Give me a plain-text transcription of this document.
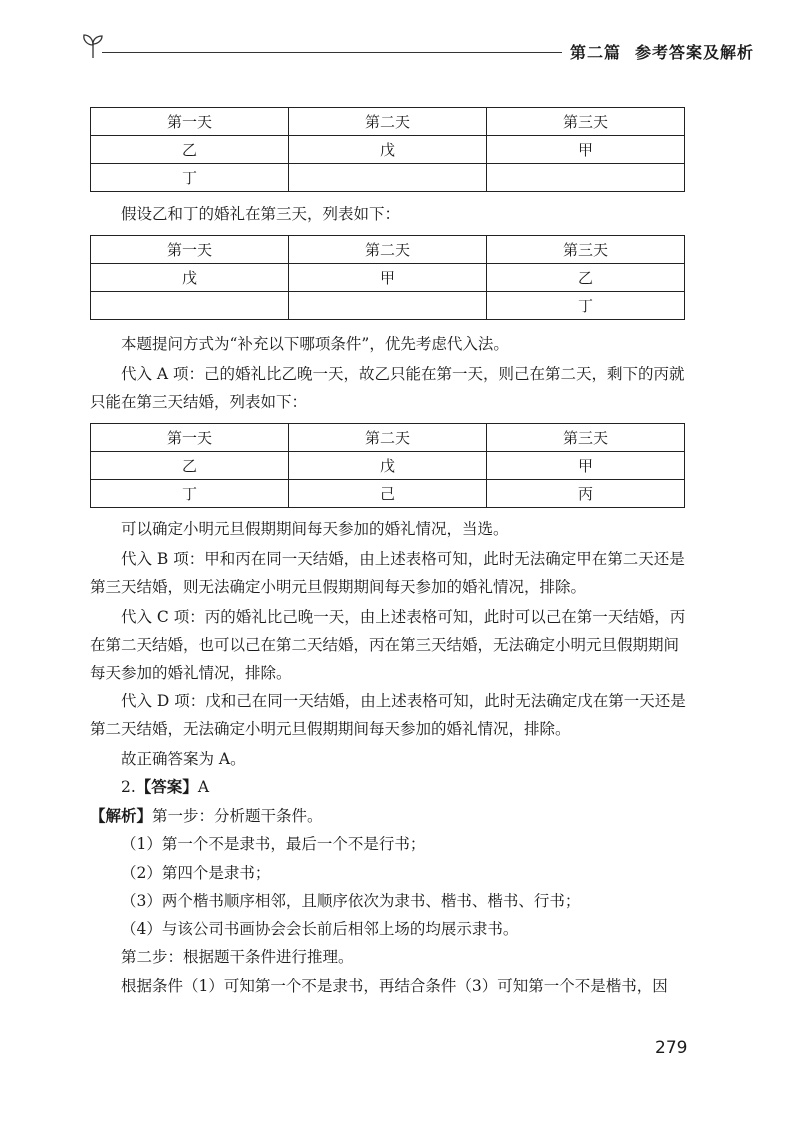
第二篇 参考答案及解析
第一天	第二天	第三天
乙	戊	甲
丁		

假设乙和丁的婚礼在第三天，列表如下：

第一天	第二天	第三天
戊	甲	乙
		丁

本题提问方式为“补充以下哪项条件”，优先考虑代入法。

代入 A 项：己的婚礼比乙晚一天，故乙只能在第一天，则己在第二天，剩下的丙就只能在第三天结婚，列表如下：

第一天	第二天	第三天
乙	戊	甲
丁	己	丙

可以确定小明元旦假期期间每天参加的婚礼情况，当选。

代入 B 项：甲和丙在同一天结婚，由上述表格可知，此时无法确定甲在第二天还是第三天结婚，则无法确定小明元旦假期期间每天参加的婚礼情况，排除。

代入 C 项：丙的婚礼比己晚一天，由上述表格可知，此时可以己在第一天结婚，丙在第二天结婚，也可以己在第二天结婚，丙在第三天结婚，无法确定小明元旦假期期间每天参加的婚礼情况，排除。

代入 D 项：戊和己在同一天结婚，由上述表格可知，此时无法确定戊在第一天还是第二天结婚，无法确定小明元旦假期期间每天参加的婚礼情况，排除。

故正确答案为 A。

2.【答案】A

【解析】第一步：分析题干条件。

（1）第一个不是隶书，最后一个不是行书；

（2）第四个是隶书；

（3）两个楷书顺序相邻，且顺序依次为隶书、楷书、楷书、行书；

（4）与该公司书画协会会长前后相邻上场的均展示隶书。

第二步：根据题干条件进行推理。

根据条件（1）可知第一个不是隶书，再结合条件（3）可知第一个不是楷书，因

279
